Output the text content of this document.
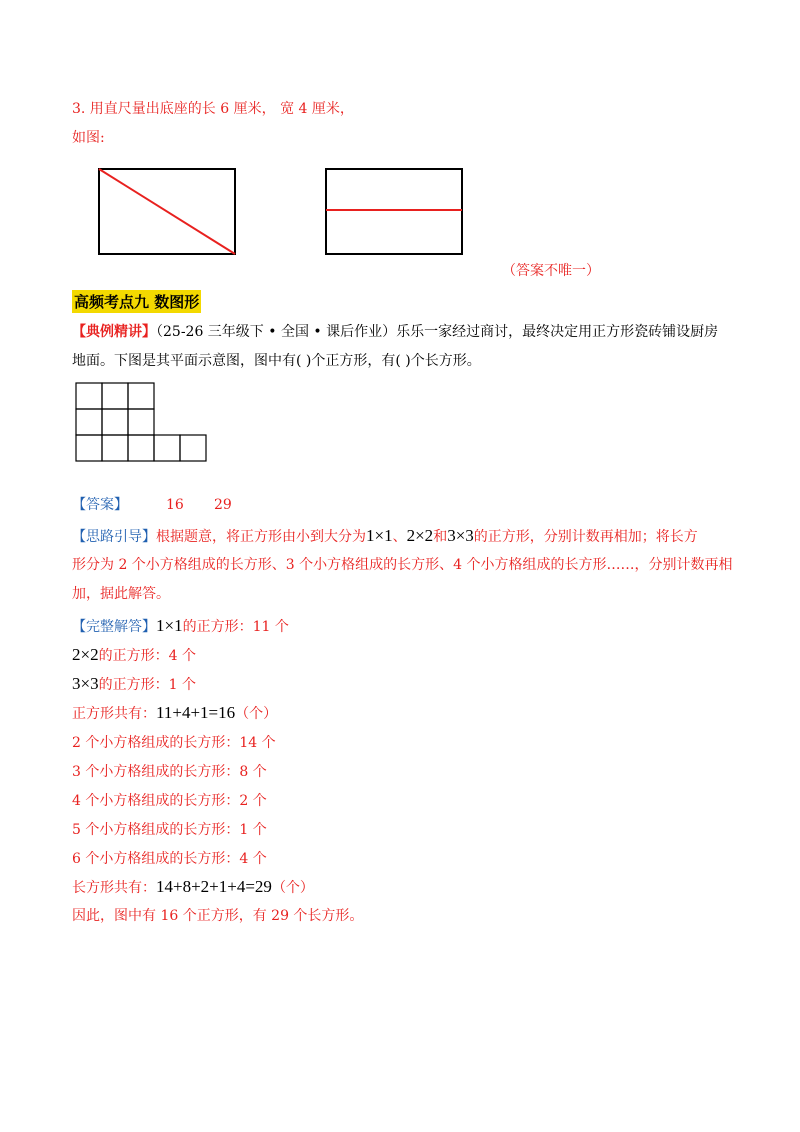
3. 用直尺量出底座的长 6 厘米， 宽 4 厘米，
如图:
（答案不唯一）
高频考点九 数图形
【典例精讲】（25-26 三年级下 • 全国 • 课后作业）乐乐一家经过商讨，最终决定用正方形瓷砖铺设厨房
地面。下图是其平面示意图，图中有( )个正方形，有( )个长方形。
【答案】	16 29
【思路引导】根据题意，将正方形由小到大分为1×1、2×2和3×3的正方形，分别计数再相加；将长方
形分为 2 个小方格组成的长方形、3 个小方格组成的长方形、4 个小方格组成的长方形……，分别计数再相
加，据此解答。
【完整解答】1×1的正方形：11 个
2×2的正方形：4 个
3×3的正方形：1 个
正方形共有：11+4+1=16（个）
2 个小方格组成的长方形：14 个
3 个小方格组成的长方形：8 个
4 个小方格组成的长方形：2 个
5 个小方格组成的长方形：1 个
6 个小方格组成的长方形：4 个
长方形共有：14+8+2+1+4=29（个）
因此，图中有 16 个正方形，有 29 个长方形。
